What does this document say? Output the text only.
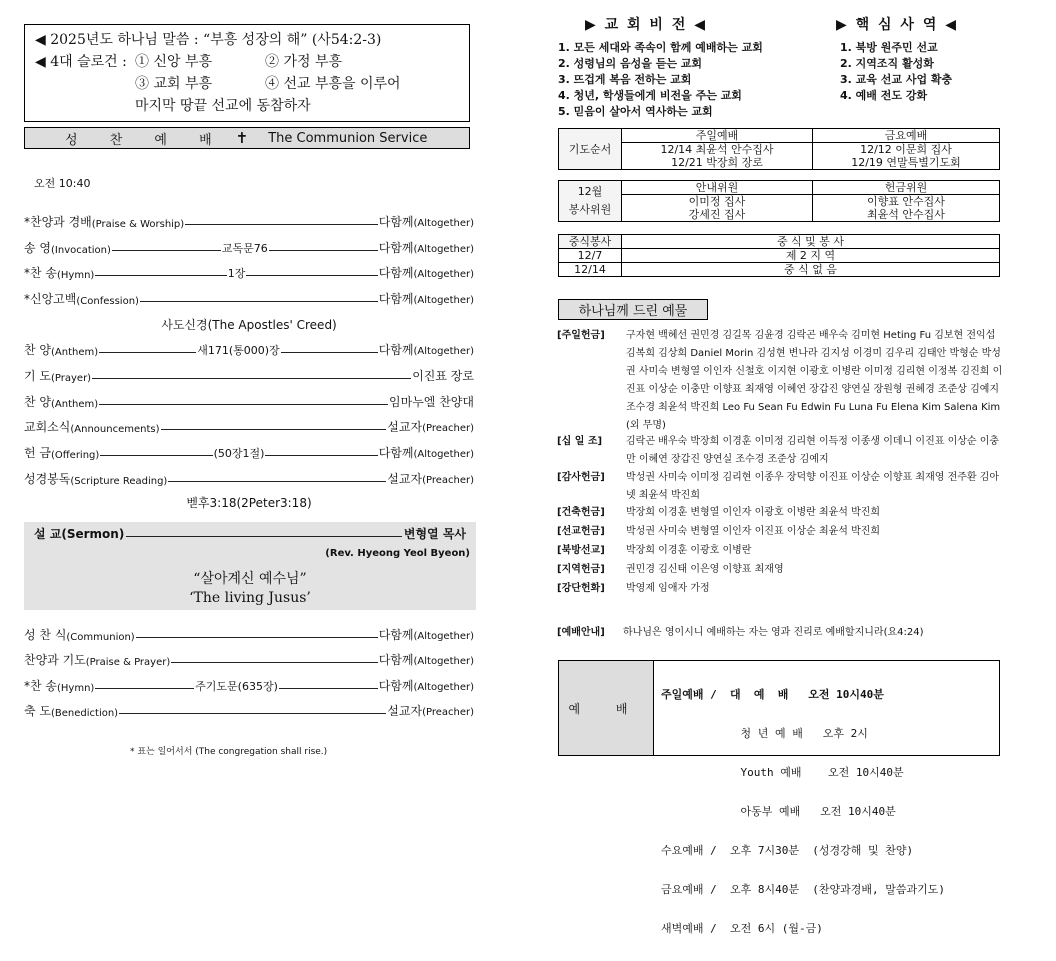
◀ 2025년도 하나님 말씀 : “부흥 성장의 해” (사54:2-3)
◀ 4대 슬로건 : ① 신앙 부흥	② 가정 부흥
③ 교회 부흥	④ 선교 부흥을 이루어
마지막 땅끝 선교에 동참하자
성 찬 예 배 ✝ The Communion Service
오전 10:40
*찬양과 경배 (Praise & Worship)	다함께(Altogether)
송 영 (Invocation)	교독문76	다함께(Altogether)
*찬 송 (Hymn)	1장	다함께(Altogether)
*신앙고백 (Confession)	다함께(Altogether)
찬 양 (Anthem)	새171(통000)장	다함께(Altogether)
기 도 (Prayer)	이진표 장로
찬 양 (Anthem)	임마누엘 찬양대
교회소식 (Announcements)	설교자(Preacher)
헌 금 (Offering)	(50장1절)	다함께(Altogether)
성경봉독 (Scripture Reading)	설교자(Preacher)
사도신경(The Apostles' Creed)
벧후3:18(2Peter3:18)
설 교(Sermon)	변형열 목사
(Rev. Hyeong Yeol Byeon)
“살아계신 예수님”
‘The living Jusus’
성 찬 식 (Communion)	다함께(Altogether)
찬양과 기도 (Praise & Prayer)	다함께(Altogether)
*찬 송 (Hymn)	주기도문(635장)	다함께(Altogether)
축 도 (Benediction)	설교자(Preacher)
* 표는 일어서서 (The congregation shall rise.)
▶ 교 회 비 전 ◀	▶ 핵 심 사 역 ◀
1. 모든 세대와 족속이 함께 예배하는 교회
2. 성령님의 음성을 듣는 교회
3. 뜨겁게 복음 전하는 교회
4. 청년, 학생들에게 비전을 주는 교회
5. 믿음이 살아서 역사하는 교회
1. 북방 원주민 선교
2. 지역조직 활성화
3. 교육 선교 사업 확충
4. 예배 전도 강화
기도순서	주일예배	금요예배
	12/14 최윤석 안수집사	12/12 이문희 집사
	12/21 박장희 장로	12/19 연말특별기도회
12월
봉사위원	안내위원	헌금위원
	이미정 집사	이향표 안수집사
	강세진 집사	최윤석 안수집사
중식봉사	중 식 및 봉 사
12/7	제 2 지 역
12/14	중 식 없 음
하나님께 드린 예물
[주일헌금]	구자현 백혜선 권민경 김길목 김윤경 김락곤 배우숙 김미현 Heting Fu 김보현 전익섭 김복희 김상희 Daniel Morin 김성현 변나라 김지성 이경미 김우리 김태안 박형순 박성권 사미숙 변형열 이인자 신철호 이지현 이광호 이병란 이미정 김리현 이정복 김진희 이진표 이상순 이충만 이향표 최재영 이혜연 장갑진 양연실 장원형 권혜경 조준상 김예지 조수경 최윤석 박진희 Leo Fu Sean Fu Edwin Fu Luna Fu Elena Kim Salena Kim (외 무명)
[십 일 조]	김락곤 배우숙 박장희 이경훈 이미정 김리현 이득정 이종생 이데니 이진표 이상순 이충만 이혜연 장갑진 양연실 조수경 조준상 김예지
[감사헌금]	박성권 사미숙 이미정 김리현 이종우 장덕향 이진표 이상순 이향표 최재영 전주환 김아넷 최윤석 박진희
[건축헌금]	박장희 이경훈 변형열 이인자 이광호 이병란 최윤석 박진희
[선교헌금]	박성권 사미숙 변형열 이인자 이진표 이상순 최윤석 박진희
[북방선교]	박장희 이경훈 이광호 이병란
[지역헌금]	권민경 김신태 이은영 이향표 최재영
[강단헌화]	박영제 임애자 가정
[예배안내]	하나님은 영이시니 예배하는 자는 영과 진리로 예배할지니라(요4:24)
예 배

주일예배 /  대  예  배   오전 10시40분

청 년 예 배   오후 2시

Youth 예배    오전 10시40분

아동부 예배   오전 10시40분

수요예배 /  오후 7시30분  (성경강해 및 찬양)

금요예배 /  오후 8시40분  (찬양과경배, 말씀과기도)

새벽예배 /  오전 6시 (월-금)
